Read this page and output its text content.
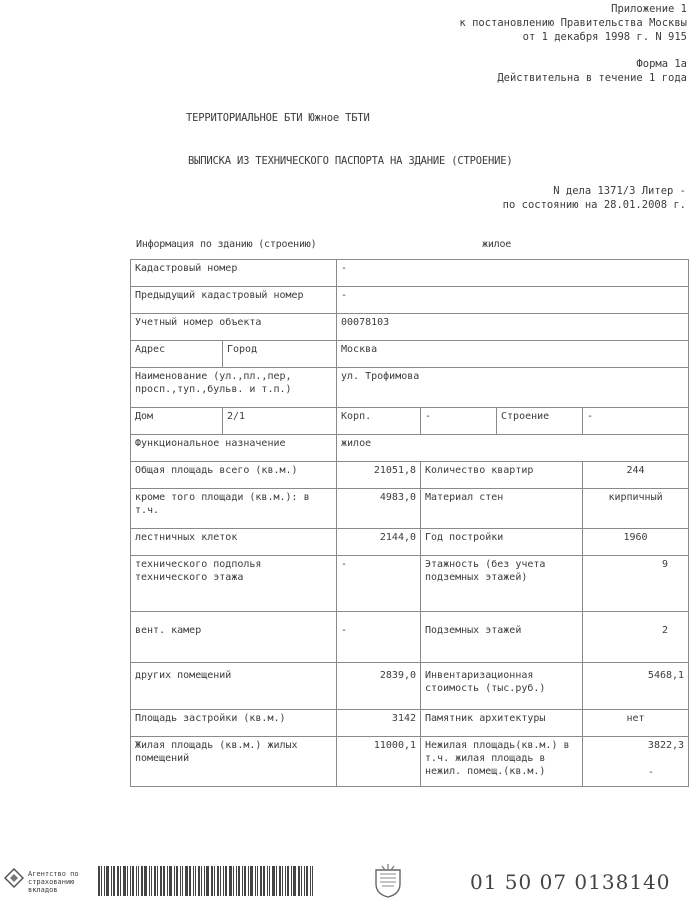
Приложение 1
к постановлению Правительства Москвы
от 1 декабря 1998 г. N 915
Форма 1а
Действительна в течение 1 года
ТЕРРИТОРИАЛЬНОЕ БТИ Южное ТБТИ
ВЫПИСКА ИЗ ТЕХНИЧЕСКОГО ПАСПОРТА НА ЗДАНИЕ (СТРОЕНИЕ)
N дела 1371/3 Литер -
по состоянию на 28.01.2008 г.
Информация по зданию (строению)	жилое
Кадастровый номер		-			
Предыдущий кадастровый номер		-			
Учетный номер объекта		00078103			
Адрес	Город	Москва			
Наименование (ул.,пл.,пер, просп.,туп.,бульв. и т.п.)		ул. Трофимова			
Дом	2/1	Корп.	-	Строение	-
Функциональное назначение		жилое			
Общая площадь всего (кв.м.)		21051,8	Количество квартир		244
кроме того площади (кв.м.): в т.ч.		4983,0	Материал стен		кирпичный
лестничных клеток		2144,0	Год постройки		1960
технического подполья технического этажа		-	Этажность (без учета подземных этажей)		9
вент. камер		-	Подземных этажей		2
других помещений		2839,0	Инвентаризационная стоимость (тыс.руб.)		5468,1
Площадь застройки (кв.м.)		3142	Памятник архитектуры		нет
Жилая площадь (кв.м.) жилых помещений		11000,1	Нежилая площадь(кв.м.) в т.ч. жилая площадь в нежил. помещ.(кв.м.)		3822,3
-
Агентство по страхованию вкладов	01 50 07 0138140
